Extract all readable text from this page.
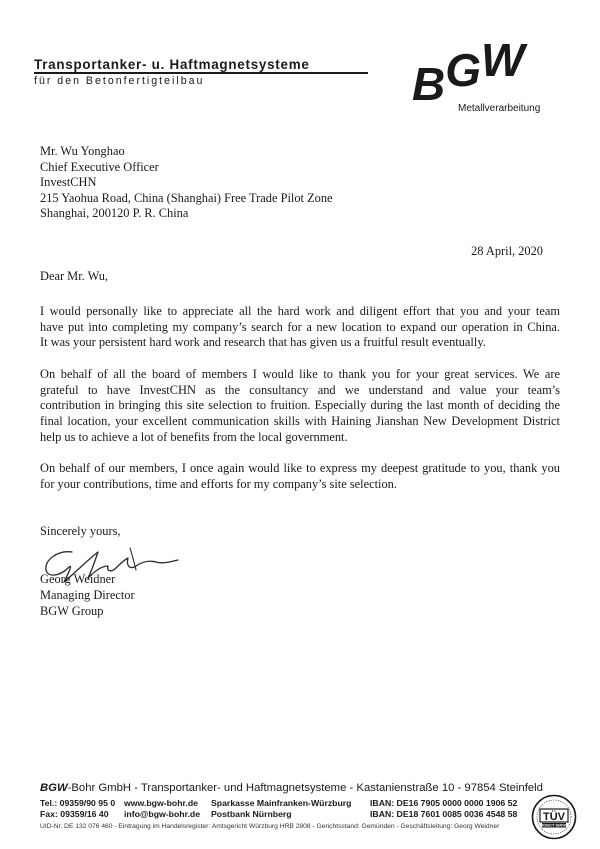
Transportanker- u. Haftmagnetsysteme
für den Betonfertigteilbau	BGW
Metallverarbeitung
Mr. Wu Yonghao
Chief Executive Officer
InvestCHN
215 Yaohua Road, China (Shanghai) Free Trade Pilot Zone
Shanghai, 200120 P. R. China
28 April, 2020
Dear Mr. Wu,
I would personally like to appreciate all the hard work and diligent effort that you and your team
have put into completing my company’s search for a new location to expand our operation in China.
It was your persistent hard work and research that has given us a fruitful result eventually.
On behalf of all the board of members I would like to thank you for your great services. We are
grateful to have InvestCHN as the consultancy and we understand and value your team’s
contribution in bringing this site selection to fruition. Especially during the last month of deciding the
final location, your excellent communication skills with Haining Jianshan New Development District
help us to achieve a lot of benefits from the local government.
On behalf of our members, I once again would like to express my deepest gratitude to you, thank you
for your contributions, time and efforts for my company’s site selection.
Sincerely yours,
Georg Weidner
Managing Director
BGW Group
BGW-Bohr GmbH - Transportanker- und Haftmagnetsysteme - Kastanienstraße 10 - 97854 Steinfeld
Tel.: 09359/90 95 0
Fax: 09359/16 40
www.bgw-bohr.de
info@bgw-bohr.de
Sparkasse Mainfranken-Würzburg
Postbank Nürnberg
IBAN: DE16 7905 0000 0000 1906 52
IBAN: DE18 7601 0085 0036 4548 58
UID-Nr. DE 132 076 460 - Eintragung im Handelsregister: Amtsgericht Würzburg HRB 2808 - Gerichtsstand: Gemünden - Geschäftsleitung: Georg Weidner
TÜV
PRODUCT SERVICE
